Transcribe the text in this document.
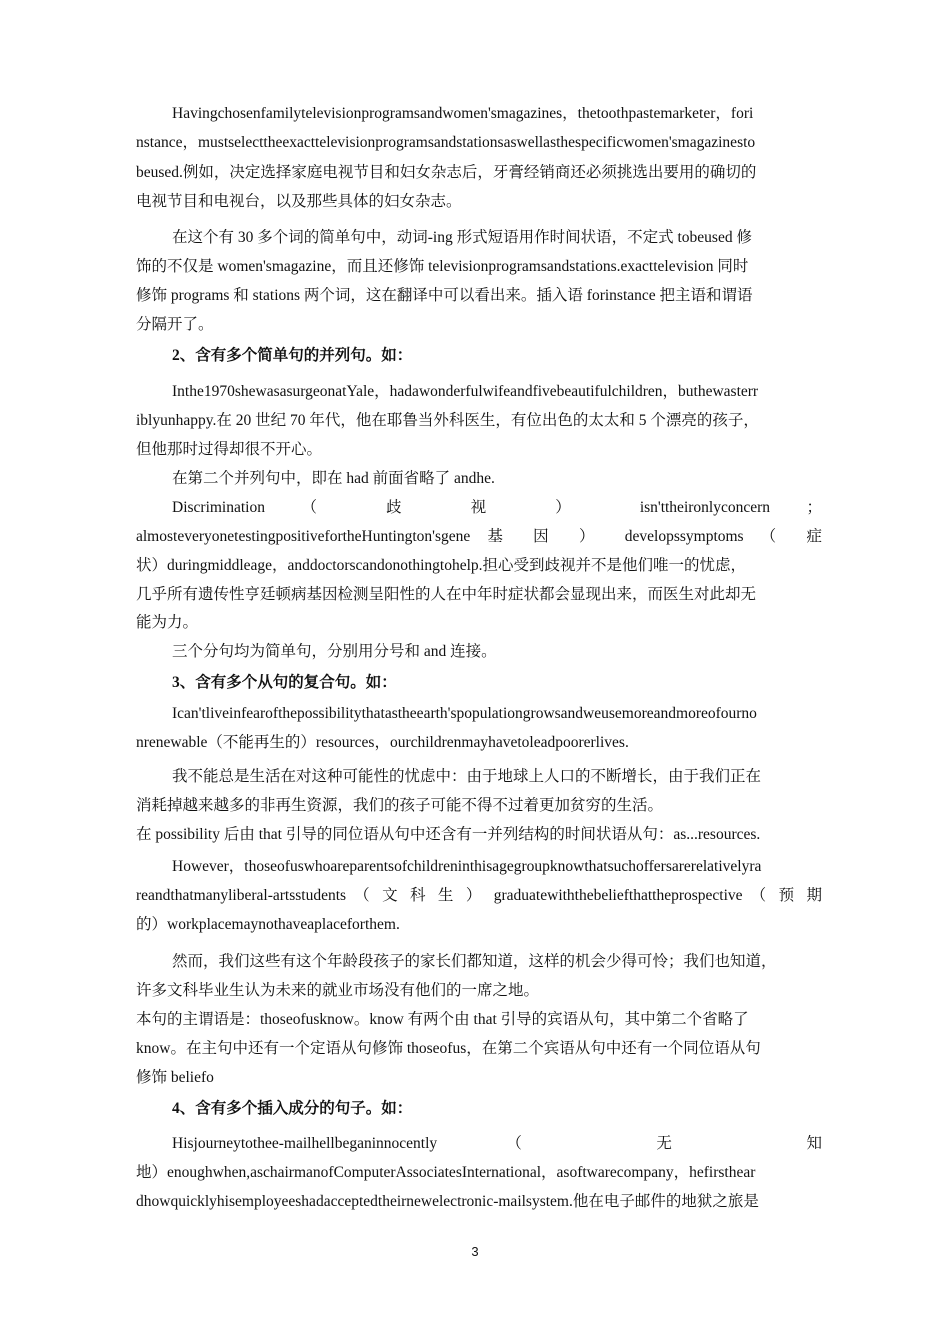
Havingchosenfamilytelevisionprogramsandwomen'smagazines，thetoothpastemarketer，fori
nstance，mustselecttheexacttelevisionprogramsandstationsaswellasthespecificwomen'smagazinesto
beused.例如，决定选择家庭电视节目和妇女杂志后，牙膏经销商还必须挑选出要用的确切的
电视节目和电视台，以及那些具体的妇女杂志。
在这个有 30 多个词的简单句中，动词-ing 形式短语用作时间状语，不定式 tobeused 修
饰的不仅是 women'smagazine，而且还修饰 televisionprogramsandstations.exacttelevision 同时
修饰 programs 和 stations 两个词，这在翻译中可以看出来。插入语 forinstance 把主语和谓语
分隔开了。
2、含有多个简单句的并列句。如：
Inthe1970shewasasurgeonatYale，hadawonderfulwifeandfivebeautifulchildren，buthewasterr
iblyunhappy.在 20 世纪 70 年代，他在耶鲁当外科医生，有位出色的太太和 5 个漂亮的孩子，
但他那时过得却很不开心。
在第二个并列句中，即在 had 前面省略了 andhe.
Discrimination （ 歧 视 ） isn'ttheironlyconcern ；
almosteveryonetestingpositivefortheHuntington'sgene 基 因 ） developssymptoms （ 症
状）duringmiddleage，anddoctorscandonothingtohelp.担心受到歧视并不是他们唯一的忧虑，
几乎所有遗传性亨廷顿病基因检测呈阳性的人在中年时症状都会显现出来，而医生对此却无
能为力。
三个分句均为简单句，分别用分号和 and 连接。
3、含有多个从句的复合句。如：
Ican'tliveinfearofthepossibilitythatastheearth'spopulationgrowsandweusemoreandmoreofourno
nrenewable（不能再生的）resources，ourchildrenmayhavetoleadpoorerlives.
我不能总是生活在对这种可能性的忧虑中：由于地球上人口的不断增长，由于我们正在
消耗掉越来越多的非再生资源，我们的孩子可能不得不过着更加贫穷的生活。
在 possibility 后由 that 引导的同位语从句中还含有一并列结构的时间状语从句：as...resources.
However，thoseofuswhoareparentsofchildreninthisagegroupknowthatsuchoffersarerelativelyra
reandthatmanyliberal-artsstudents （ 文 科 生 ） graduatewiththebeliefthattheprospective （ 预 期
的）workplacemaynothaveaplaceforthem.
然而，我们这些有这个年龄段孩子的家长们都知道，这样的机会少得可怜；我们也知道，
许多文科毕业生认为未来的就业市场没有他们的一席之地。
本句的主谓语是：thoseofusknow。know 有两个由 that 引导的宾语从句，其中第二个省略了
know。在主句中还有一个定语从句修饰 thoseofus，在第二个宾语从句中还有一个同位语从句
修饰 beliefo
4、含有多个插入成分的句子。如：
Hisjourneytothee-mailhellbeganinnocently （ 无 知
地）enoughwhen,aschairmanofComputerAssociatesInternational，asoftwarecompany，hefirsthear
dhowquicklyhisemployeeshadacceptedtheirnewelectronic-mailsystem.他在电子邮件的地狱之旅是
3
